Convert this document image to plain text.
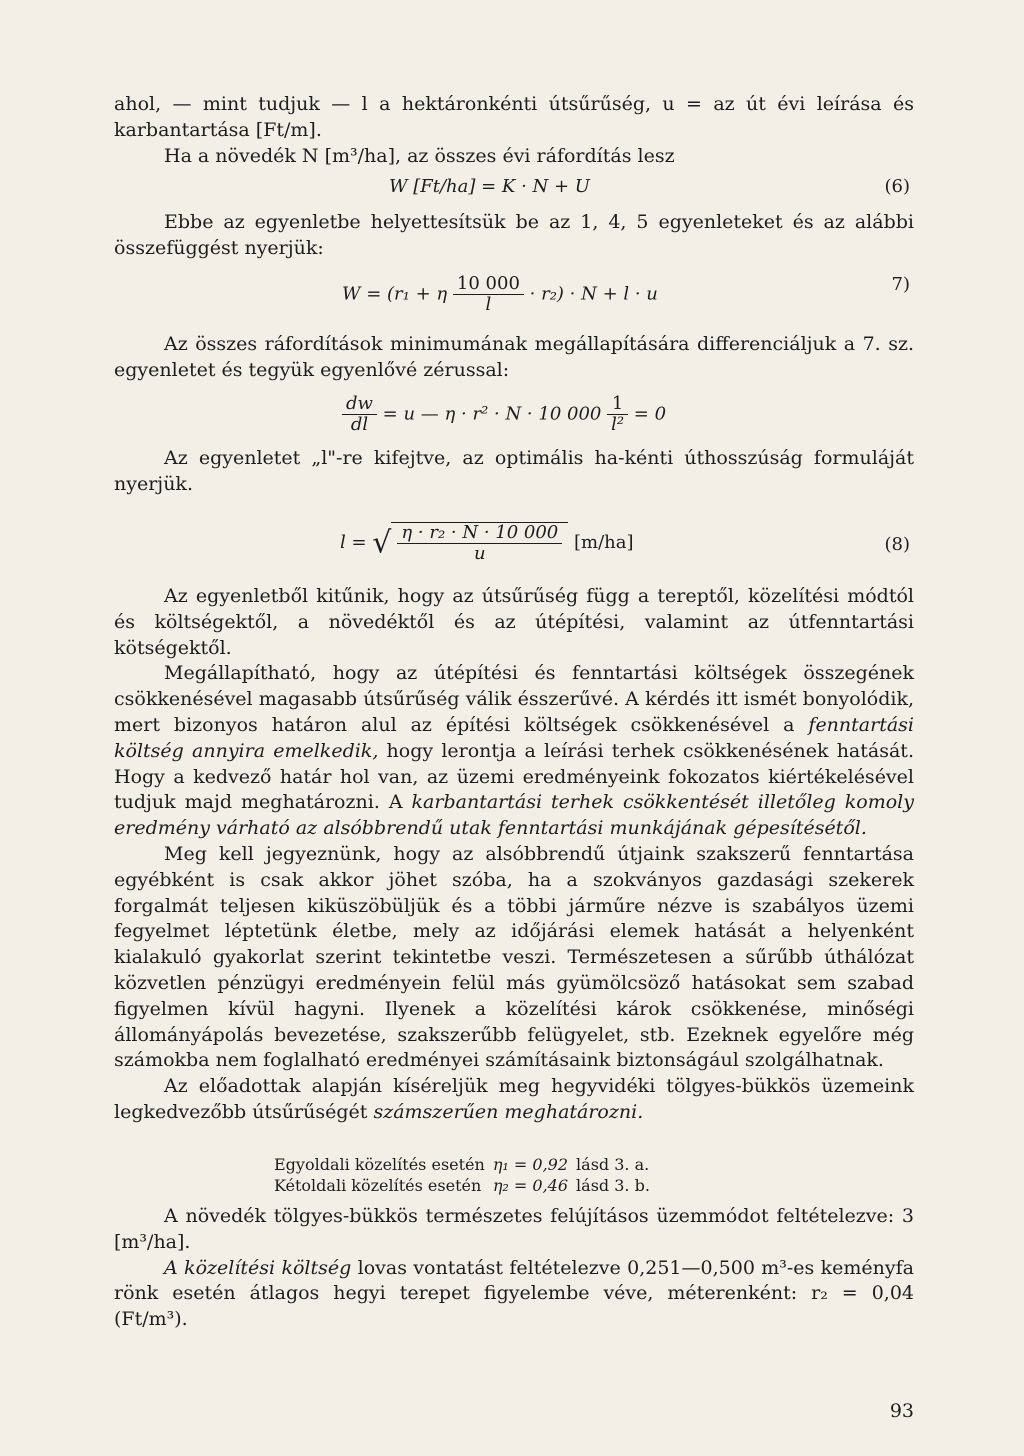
ahol, — mint tudjuk — l a hektáronkénti útsűrűség, u = az út évi leírása és karbantartása [Ft/m].

Ha a növedék N [m³/ha], az összes évi ráfordítás lesz

W [Ft/ha] = K · N + U	(6)

Ebbe az egyenletbe helyettesítsük be az 1, 4, 5 egyenleteket és az alábbi összefüggést nyerjük:

W = (r₁ + η $\frac{10 000}{l} \cdot r_2) \cdot N + l \cdot u$	7)

Az összes ráfordítások minimumának megállapítására differenciáljuk a 7. sz. egyenletet és tegyük egyenlővé zérussal:

$\frac{dw}{dl} = u$ — η · r² · N · 10 $000 \frac{1}{\text{l²}} = 0$

Az egyenletet „l"-re kifejtve, az optimális ha-kénti úthosszúság formuláját nyerjük.

l = √ $\frac{\text{η · r₂ · N · 10 000}}{u} [m/ha]$	(8)

Az egyenletből kitűnik, hogy az útsűrűség függ a tereptől, közelítési módtól és költségektől, a növedéktől és az útépítési, valamint az útfenntartási kötségektől.

Megállapítható, hogy az útépítési és fenntartási költségek összegének csökkenésével magasabb útsűrűség válik ésszerűvé. A kérdés itt ismét bonyolódik, mert bizonyos határon alul az építési költségek csökkenésével a fenntartási költség annyira emelkedik, hogy lerontja a leírási terhek csökkenésének hatását. Hogy a kedvező határ hol van, az üzemi eredményeink fokozatos kiértékelésével tudjuk majd meghatározni. A karbantartási terhek csökkentését illetőleg komoly eredmény várható az alsóbbrendű utak fenntartási munkájának gépesítésétől.

Meg kell jegyeznünk, hogy az alsóbbrendű útjaink szakszerű fenntartása egyébként is csak akkor jöhet szóba, ha a szokványos gazdasági szekerek forgalmát teljesen kiküszöbüljük és a többi járműre nézve is szabályos üzemi fegyelmet léptetünk életbe, mely az időjárási elemek hatását a helyenként kialakuló gyakorlat szerint tekintetbe veszi. Természetesen a sűrűbb úthálózat közvetlen pénzügyi eredményein felül más gyümölcsöző hatásokat sem szabad figyelmen kívül hagyni. Ilyenek a közelítési károk csökkenése, minőségi állományápolás bevezetése, szakszerűbb felügyelet, stb. Ezeknek egyelőre még számokba nem foglalható eredményei számításaink biztonságául szolgálhatnak.

Az előadottak alapján kíséreljük meg hegyvidéki tölgyes-bükkös üzemeink legkedvezőbb útsűrűségét számszerűen meghatározni.

Egyoldali közelítés esetén	η₁ = 0,92	lásd 3. a.
Kétoldali közelítés esetén	η₂ = 0,46	lásd 3. b.

A növedék tölgyes-bükkös természetes felújításos üzemmódot feltételezve: 3 [m³/ha].

A közelítési költség lovas vontatást feltételezve 0,251—0,500 m³-es keményfa rönk esetén átlagos hegyi terepet figyelembe véve, méterenként: r₂ = 0,04 (Ft/m³).

93
